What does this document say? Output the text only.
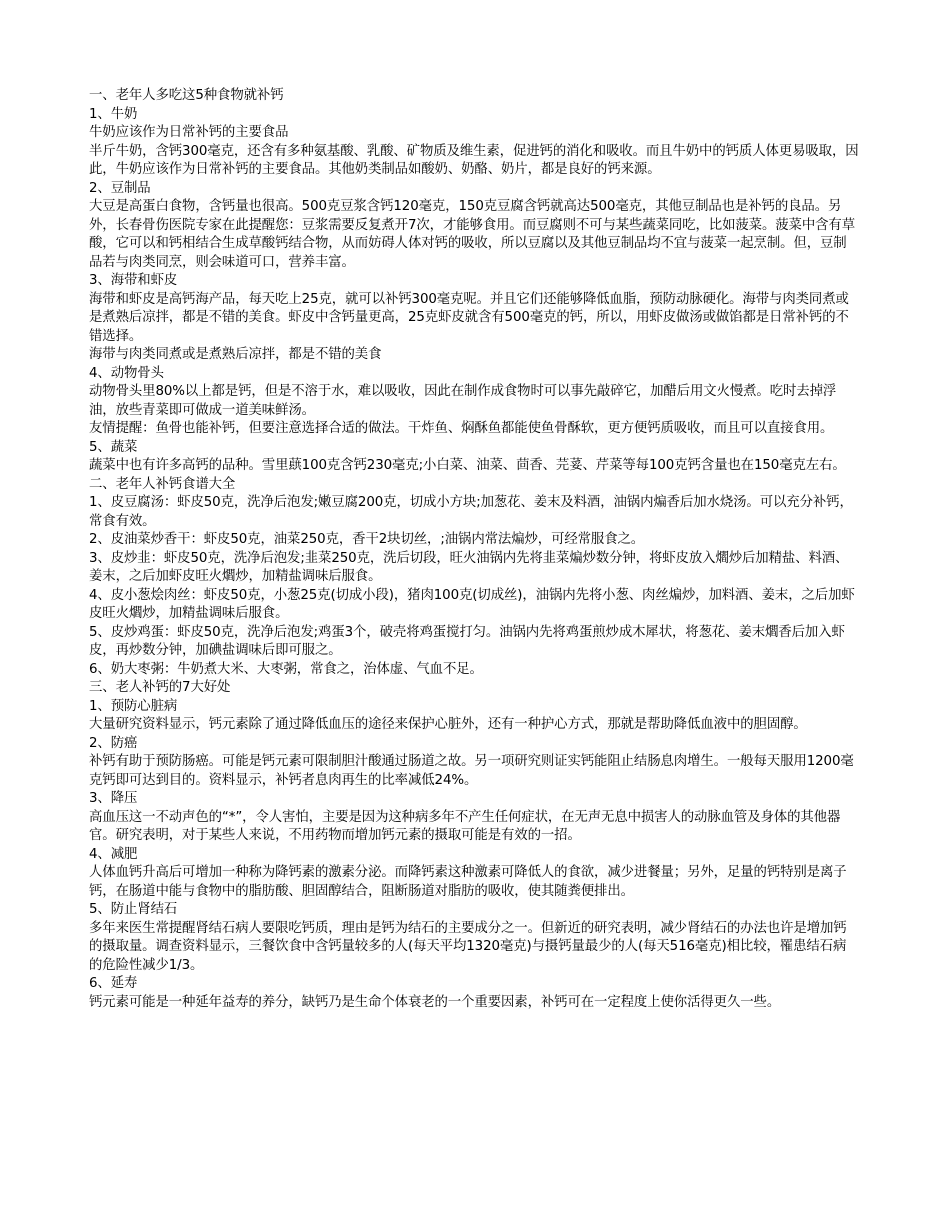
一、老年人多吃这5种食物就补钙

1、牛奶

牛奶应该作为日常补钙的主要食品

半斤牛奶，含钙300毫克，还含有多种氨基酸、乳酸、矿物质及维生素，促进钙的消化和吸收。而且牛奶中的钙质人体更易吸取，因此，牛奶应该作为日常补钙的主要食品。其他奶类制品如酸奶、奶酪、奶片，都是良好的钙来源。

2、豆制品

大豆是高蛋白食物，含钙量也很高。500克豆浆含钙120毫克，150克豆腐含钙就高达500毫克，其他豆制品也是补钙的良品。另外，长春骨伤医院专家在此提醒您：豆浆需要反复煮开7次，才能够食用。而豆腐则不可与某些蔬菜同吃，比如菠菜。菠菜中含有草酸，它可以和钙相结合生成草酸钙结合物，从而妨碍人体对钙的吸收，所以豆腐以及其他豆制品均不宜与菠菜一起烹制。但，豆制品若与肉类同烹，则会味道可口，营养丰富。

3、海带和虾皮

海带和虾皮是高钙海产品，每天吃上25克，就可以补钙300毫克呢。并且它们还能够降低血脂，预防动脉硬化。海带与肉类同煮或是煮熟后凉拌，都是不错的美食。虾皮中含钙量更高，25克虾皮就含有500毫克的钙，所以，用虾皮做汤或做馅都是日常补钙的不错选择。

海带与肉类同煮或是煮熟后凉拌，都是不错的美食

4、动物骨头

动物骨头里80%以上都是钙，但是不溶于水，难以吸收，因此在制作成食物时可以事先敲碎它，加醋后用文火慢煮。吃时去掉浮油，放些青菜即可做成一道美味鲜汤。

友情提醒：鱼骨也能补钙，但要注意选择合适的做法。干炸鱼、焖酥鱼都能使鱼骨酥软，更方便钙质吸收，而且可以直接食用。

5、蔬菜

蔬菜中也有许多高钙的品种。雪里蕻100克含钙230毫克;小白菜、油菜、茴香、芫荽、芹菜等每100克钙含量也在150毫克左右。

二、老年人补钙食谱大全

1、皮豆腐汤：虾皮50克，洗净后泡发;嫩豆腐200克，切成小方块;加葱花、姜末及料酒，油锅内煸香后加水烧汤。可以充分补钙，常食有效。

2、皮油菜炒香干：虾皮50克，油菜250克，香干2块切丝，;油锅内常法煸炒，可经常服食之。

3、皮炒韭：虾皮50克，洗净后泡发;韭菜250克，洗后切段，旺火油锅内先将韭菜煸炒数分钟，将虾皮放入爓炒后加精盐、料酒、姜末，之后加虾皮旺火爓炒，加精盐调味后服食。

4、皮小葱烩肉丝：虾皮50克，小葱25克(切成小段)，猪肉100克(切成丝)，油锅内先将小葱、肉丝煸炒，加料酒、姜末，之后加虾皮旺火爓炒，加精盐调味后服食。

5、皮炒鸡蛋：虾皮50克，洗净后泡发;鸡蛋3个，破壳将鸡蛋搅打匀。油锅内先将鸡蛋煎炒成木犀状，将葱花、姜末爓香后加入虾皮，再炒数分钟，加碘盐调味后即可服之。

6、奶大枣粥：牛奶煮大米、大枣粥，常食之，治体虚、气血不足。

三、老人补钙的7大好处

1、预防心脏病

大量研究资料显示，钙元素除了通过降低血压的途径来保护心脏外，还有一种护心方式，那就是帮助降低血液中的胆固醇。

2、防癌

补钙有助于预防肠癌。可能是钙元素可限制胆汁酸通过肠道之故。另一项研究则证实钙能阻止结肠息肉增生。一般每天服用1200毫克钙即可达到目的。资料显示，补钙者息肉再生的比率减低24%。

3、降压

高血压这一不动声色的“*”，令人害怕，主要是因为这种病多年不产生任何症状，在无声无息中损害人的动脉血管及身体的其他器官。研究表明，对于某些人来说，不用药物而增加钙元素的摄取可能是有效的一招。

4、减肥

人体血钙升高后可增加一种称为降钙素的激素分泌。而降钙素这种激素可降低人的食欲，减少进餐量；另外，足量的钙特别是离子钙，在肠道中能与食物中的脂肪酸、胆固醇结合，阻断肠道对脂肪的吸收，使其随粪便排出。

5、防止肾结石

多年来医生常提醒肾结石病人要限吃钙质，理由是钙为结石的主要成分之一。但新近的研究表明，减少肾结石的办法也许是增加钙的摄取量。调查资料显示，三餐饮食中含钙量较多的人(每天平均1320毫克)与摄钙量最少的人(每天516毫克)相比较，罹患结石病的危险性减少1/3。

6、延寿

钙元素可能是一种延年益寿的养分，缺钙乃是生命个体衰老的一个重要因素，补钙可在一定程度上使你活得更久一些。
